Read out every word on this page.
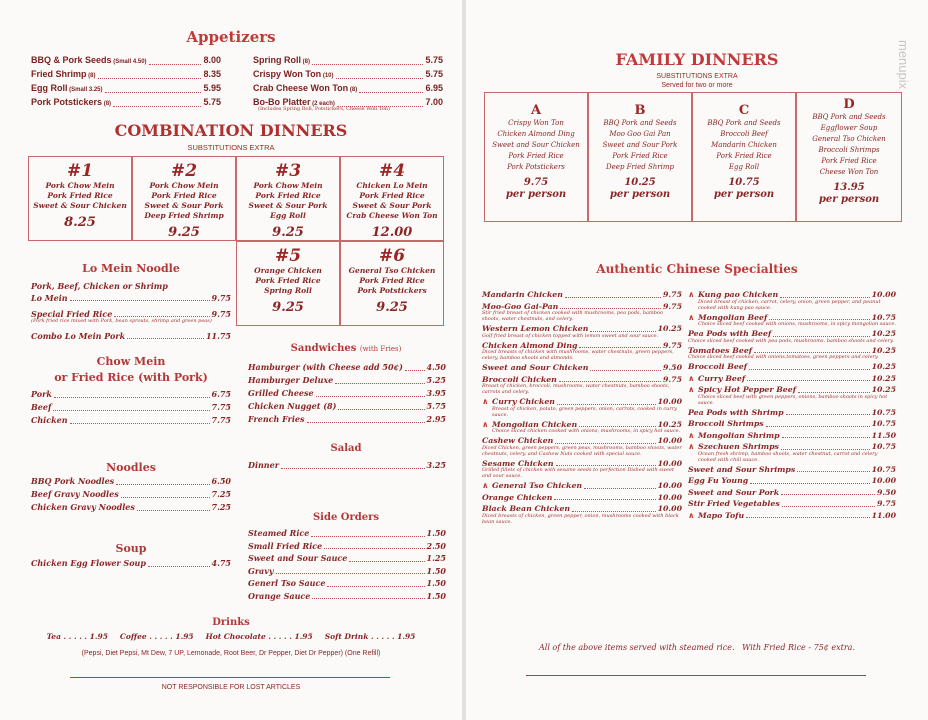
Appetizers
BBQ & Pork Seeds (Small 4.50)	8.00
Fried Shrimp (8)	8.35
Egg Roll (Small 3.25)	5.95
Pork Potstickers (8)	5.75
Spring Roll (8)	5.75
Crispy Won Ton (10)	5.75
Crab Cheese Won Ton (8)	6.95
Bo-Bo Platter (2 each)	7.00
(Includes Spring Roll, Potstickers, Cheese Won Ton)
COMBINATION DINNERS
SUBSTITUTIONS EXTRA
#1
Pork Chow Mein
Pork Fried Rice
Sweet & Sour Chicken
8.25
#2
Pork Chow Mein
Pork Fried Rice
Sweet & Sour Pork
Deep Fried Shrimp
9.25
#3
Pork Chow Mein
Pork Fried Rice
Sweet & Sour Pork
Egg Roll
9.25
#4
Chicken Lo Mein
Pork Fried Rice
Sweet & Sour Pork
Crab Cheese Won Ton
12.00
#5
Orange Chicken
Pork Fried Rice
Spring Roll
9.25
#6
General Tso Chicken
Pork Fried Rice
Pork Potstickers
9.25
Lo Mein Noodle
Pork, Beef, Chicken or Shrimp
Lo Mein	9.75
Special Fried Rice	9.75
(Pork fried rice mixed with Pork, bean sprouts, shrimp and green peas)
Combo Lo Mein Pork	11.75
Chow Mein
or Fried Rice (with Pork)
Pork	6.75
Beef	7.75
Chicken	7.75
Noodles
BBQ Pork Noodles	6.50
Beef Gravy Noodles	7.25
Chicken Gravy Noodles	7.25
Soup
Chicken Egg Flower Soup	4.75
Sandwiches (with Fries)
Hamburger (with Cheese add 50¢)	4.50
Hamburger Deluxe	5.25
Grilled Cheese	3.95
Chicken Nugget (8)	5.75
French Fries	2.95
Salad
Dinner	3.25
Side Orders
Steamed Rice	1.50
Small Fried Rice	2.50
Sweet and Sour Sauce	1.25
Gravy	1.50
Generl Tso Sauce	1.50
Orange Sauce	1.50
Drinks
Tea . . . . . 1.95 Coffee . . . . . 1.95 Hot Chocolate . . . . . 1.95 Soft Drink . . . . . 1.95
(Pepsi, Diet Pepsi, Mt Dew, 7 UP, Lemonade, Root Beer, Dr Pepper, Diet Dr Pepper) (One Refill)
NOT RESPONSIBLE FOR LOST ARTICLES
menupix
FAMILY DINNERS
SUBSTITUTIONS EXTRA
Served for two or more
A
Crispy Won Ton
Chicken Almond Ding
Sweet and Sour Chicken
Pork Fried Rice
Pork Potstickers
9.75
per person
B
BBQ Pork and Seeds
Moo Goo Gai Pan
Sweet and Sour Pork
Pork Fried Rice
Deep Fried Shrimp
10.25
per person
C
BBQ Pork and Seeds
Broccoli Beef
Mandarin Chicken
Pork Fried Rice
Egg Roll
10.75
per person
D
BBQ Pork and Seeds
Eggflower Soup
General Tso Chicken
Broccoli Shrimps
Pork Fried Rice
Cheese Won Ton
13.95
per person
Authentic Chinese Specialties
Mandarin Chicken	9.75
Moo-Goo Gai-Pan	9.75
Stir fried breast of chicken cooked with mushrooms, pea pods, bamboo shoots, water chestnuts, and celery.
Western Lemon Chicken	10.25
Golf fried breast of chicken topped with lemon sweet and sour sauce.
Chicken Almond Ding	9.75
Diced breasts of chicken with mushrooms, water chestnuts, green peppers, celery, bamboo shoots and almonds.
Sweet and Sour Chicken	9.50
Broccoli Chicken	9.75
Breast of chicken, broccoli, mushrooms, water chestnuts, bamboo shoots, carrots and celery.
∧ Curry Chicken	10.00
Breast of chicken, potato, green peppers, onion, carrots, cooked in curry sauce.
∧ Mongolian Chicken	10.25
Choice sliced chicken cooked with onions, mushrooms, in spicy hot sauce.
Cashew Chicken	10.00
Diced Chicken, green peppers, green peas, mushrooms, bamboo shoots, water chestnuts, celery, and Cashew Nuts cooked with special sauce.
Sesame Chicken	10.00
Grilled fillets of chicken with sesame seeds to perfection Dished with sweet and sour sauce.
∧ General Tso Chicken	10.00
Orange Chicken	10.00
Black Bean Chicken	10.00
Diced breasts of chicken, green pepper, onion, mushrooms cooked with black bean sauce.
∧ Kung pao Chicken	10.00
Diced breast of chicken, carrot, celery, onion, green pepper, and peanut cooked with kung pao sauce.
∧ Mongolian Beef	10.75
Choice sliced beef cooked with onions, mushrooms, in spicy mongolian sauce.
Pea Pods with Beef	10.25
Choice sliced beef cooked with pea pods, mushrooms, bamboo shoots and celery.
Tomatoes Beef	10.25
Choice sliced beef cooked with onions,tomatoes, green peppers and celery.
Broccoli Beef	10.25
∧ Curry Beef	10.25
∧ Spicy Hot Pepper Beef	10.25
Choice sliced beef with green peppers, onions, bamboo shoots in spicy hot sauce.
Pea Pods with Shrimp	10.75
Broccoli Shrimps	10.75
∧ Mongolian Shrimp	11.50
∧ Szechuen Shrimps	10.75
Ocean fresh shrimp, bamboo shoots, water chestnut, carrot and celery cooked with chili sauce.
Sweet and Sour Shrimps	10.75
Egg Fu Young	10.00
Sweet and Sour Pork	9.50
Stir Fried Vegetables	9.75
∧ Mapo Tofu	11.00
All of the above items served with steamed rice.   With Fried Rice - 75¢ extra.
